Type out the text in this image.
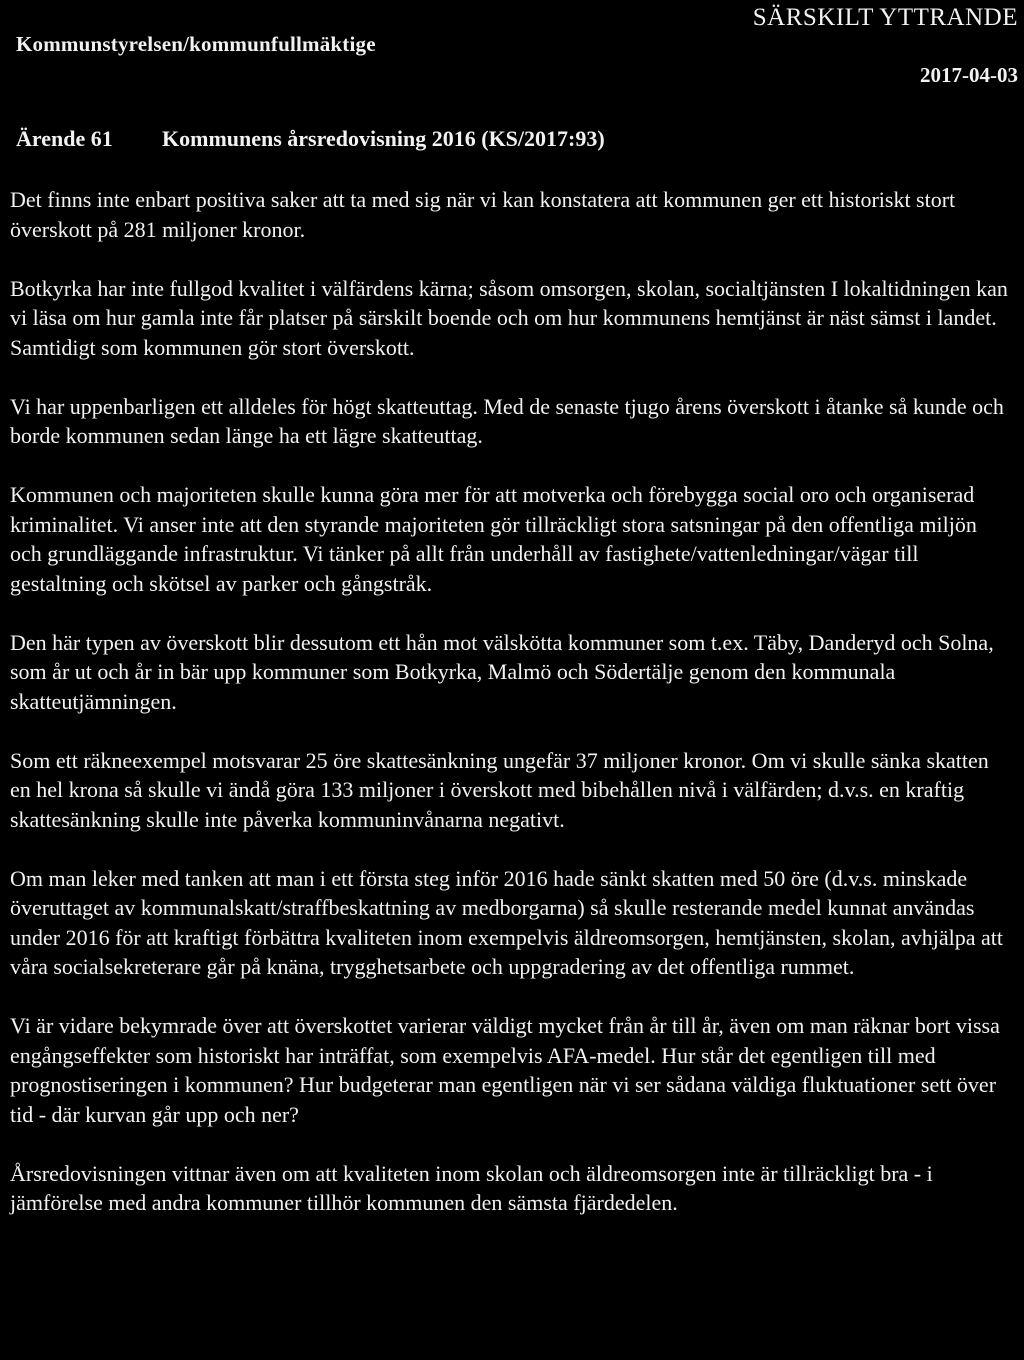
Kommunstyrelsen/kommunfullmäktige
SÄRSKILT YTTRANDE
2017-04-03
Ärende 61 Kommunens årsredovisning 2016 (KS/2017:93)

Det finns inte enbart positiva saker att ta med sig när vi kan konstatera att kommunen ger ett historiskt stort överskott på 281 miljoner kronor.

Botkyrka har inte fullgod kvalitet i välfärdens kärna; såsom omsorgen, skolan, socialtjänsten I lokaltidningen kan vi läsa om hur gamla inte får platser på särskilt boende och om hur kommunens hemtjänst är näst sämst i landet. Samtidigt som kommunen gör stort överskott.

Vi har uppenbarligen ett alldeles för högt skatteuttag. Med de senaste tjugo årens överskott i åtanke så kunde och borde kommunen sedan länge ha ett lägre skatteuttag.

Kommunen och majoriteten skulle kunna göra mer för att motverka och förebygga social oro och organiserad kriminalitet. Vi anser inte att den styrande majoriteten gör tillräckligt stora satsningar på den offentliga miljön och grundläggande infrastruktur. Vi tänker på allt från underhåll av fastighete/vattenledningar/vägar till gestaltning och skötsel av parker och gångstråk.

Den här typen av överskott blir dessutom ett hån mot välskötta kommuner som t.ex. Täby, Danderyd och Solna, som år ut och år in bär upp kommuner som Botkyrka, Malmö och Södertälje genom den kommunala skatteutjämningen.

Som ett räkneexempel motsvarar 25 öre skattesänkning ungefär 37 miljoner kronor. Om vi skulle sänka skatten en hel krona så skulle vi ändå göra 133 miljoner i överskott med bibehållen nivå i välfärden; d.v.s. en kraftig skattesänkning skulle inte påverka kommuninvånarna negativt.

Om man leker med tanken att man i ett första steg inför 2016 hade sänkt skatten med 50 öre (d.v.s. minskade överuttaget av kommunalskatt/straffbeskattning av medborgarna) så skulle resterande medel kunnat användas under 2016 för att kraftigt förbättra kvaliteten inom exempelvis äldreomsorgen, hemtjänsten, skolan, avhjälpa att våra socialsekreterare går på knäna, trygghetsarbete och uppgradering av det offentliga rummet.

Vi är vidare bekymrade över att överskottet varierar väldigt mycket från år till år, även om man räknar bort vissa engångseffekter som historiskt har inträffat, som exempelvis AFA-medel. Hur står det egentligen till med prognostiseringen i kommunen? Hur budgeterar man egentligen när vi ser sådana väldiga fluktuationer sett över tid - där kurvan går upp och ner?

Årsredovisningen vittnar även om att kvaliteten inom skolan och äldreomsorgen inte är tillräckligt bra - i jämförelse med andra kommuner tillhör kommunen den sämsta fjärdedelen.
